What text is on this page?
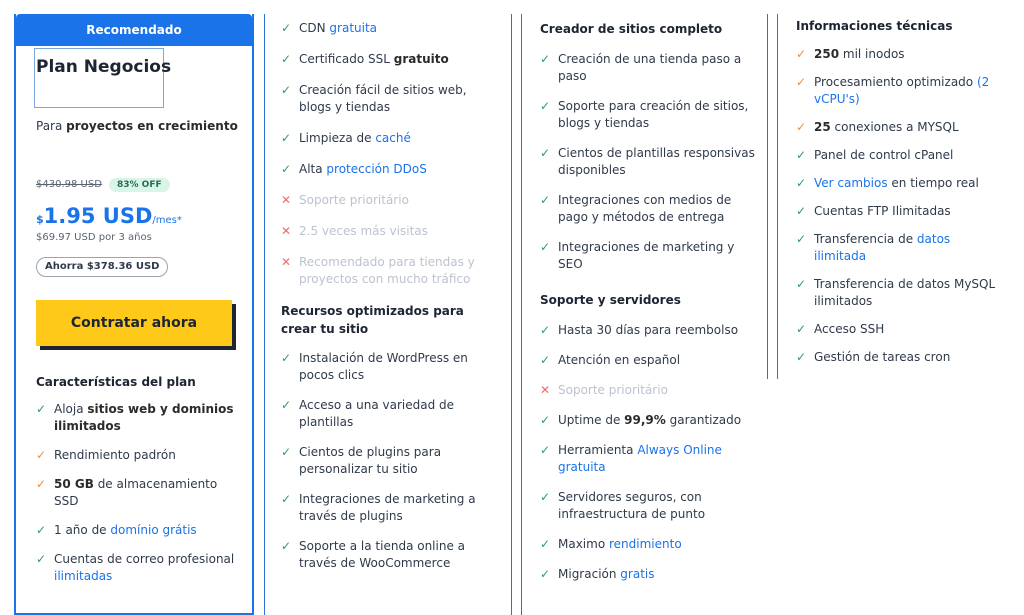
Recomendado
Plan Negocios
Para proyectos en crecimiento
$430.98 USD	83% OFF
$1.95 USD/mes*
$69.97 USD por 3 años
Ahorra $378.36 USD
Contratar ahora
Características del plan
✓ Aloja sitios web y dominios ilimitados
✓ Rendimiento padrón
✓ 50 GB de almacenamiento SSD
✓ 1 año de domínio grátis
✓ Cuentas de correo profesional ilimitadas
✓ CDN gratuita
✓ Certificado SSL gratuito
✓ Creación fácil de sitios web, blogs y tiendas
✓ Limpieza de caché
✓ Alta protección DDoS
✕ Soporte prioritário
✕ 2.5 veces más visitas
✕ Recomendado para tiendas y proyectos con mucho tráfico
Recursos optimizados para crear tu sitio
✓ Instalación de WordPress en pocos clics
✓ Acceso a una variedad de plantillas
✓ Cientos de plugins para personalizar tu sitio
✓ Integraciones de marketing a través de plugins
✓ Soporte a la tienda online a través de WooCommerce
Creador de sitios completo
✓ Creación de una tienda paso a paso
✓ Soporte para creación de sitios, blogs y tiendas
✓ Cientos de plantillas responsivas disponibles
✓ Integraciones con medios de pago y métodos de entrega
✓ Integraciones de marketing y SEO
Soporte y servidores
✓ Hasta 30 días para reembolso
✓ Atención en español
✕ Soporte prioritário
✓ Uptime de 99,9% garantizado
✓ Herramienta Always Online gratuita
✓ Servidores seguros, con infraestructura de punto
✓ Maximo rendimiento
✓ Migración gratis
Informaciones técnicas
✓ 250 mil inodos
✓ Procesamiento optimizado (2 vCPU's)
✓ 25 conexiones a MYSQL
✓ Panel de control cPanel
✓ Ver cambios en tiempo real
✓ Cuentas FTP Ilimitadas
✓ Transferencia de datos ilimitada
✓ Transferencia de datos MySQL ilimitados
✓ Acceso SSH
✓ Gestión de tareas cron
